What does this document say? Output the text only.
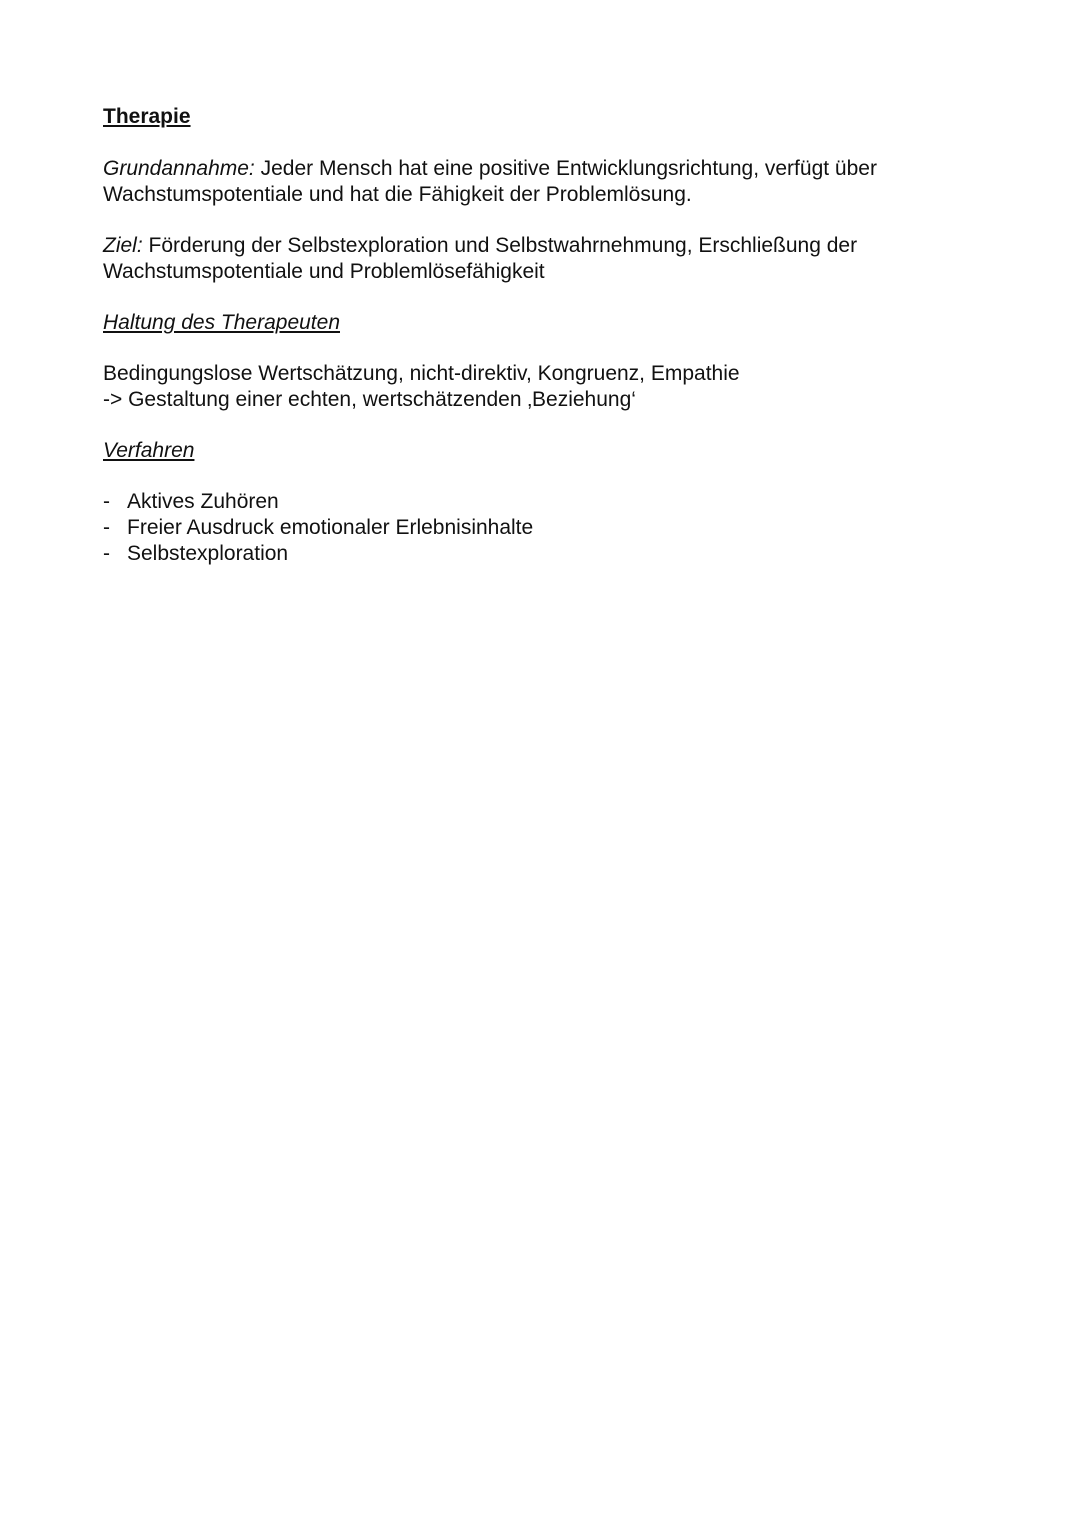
Therapie
Grundannahme: Jeder Mensch hat eine positive Entwicklungsrichtung, verfügt über
Wachstumspotentiale und hat die Fähigkeit der Problemlösung.
Ziel: Förderung der Selbstexploration und Selbstwahrnehmung, Erschließung der
Wachstumspotentiale und Problemlösefähigkeit
Haltung des Therapeuten
Bedingungslose Wertschätzung, nicht-direktiv, Kongruenz, Empathie
-> Gestaltung einer echten, wertschätzenden ‚Beziehung‘
Verfahren
- Aktives Zuhören
- Freier Ausdruck emotionaler Erlebnisinhalte
- Selbstexploration
